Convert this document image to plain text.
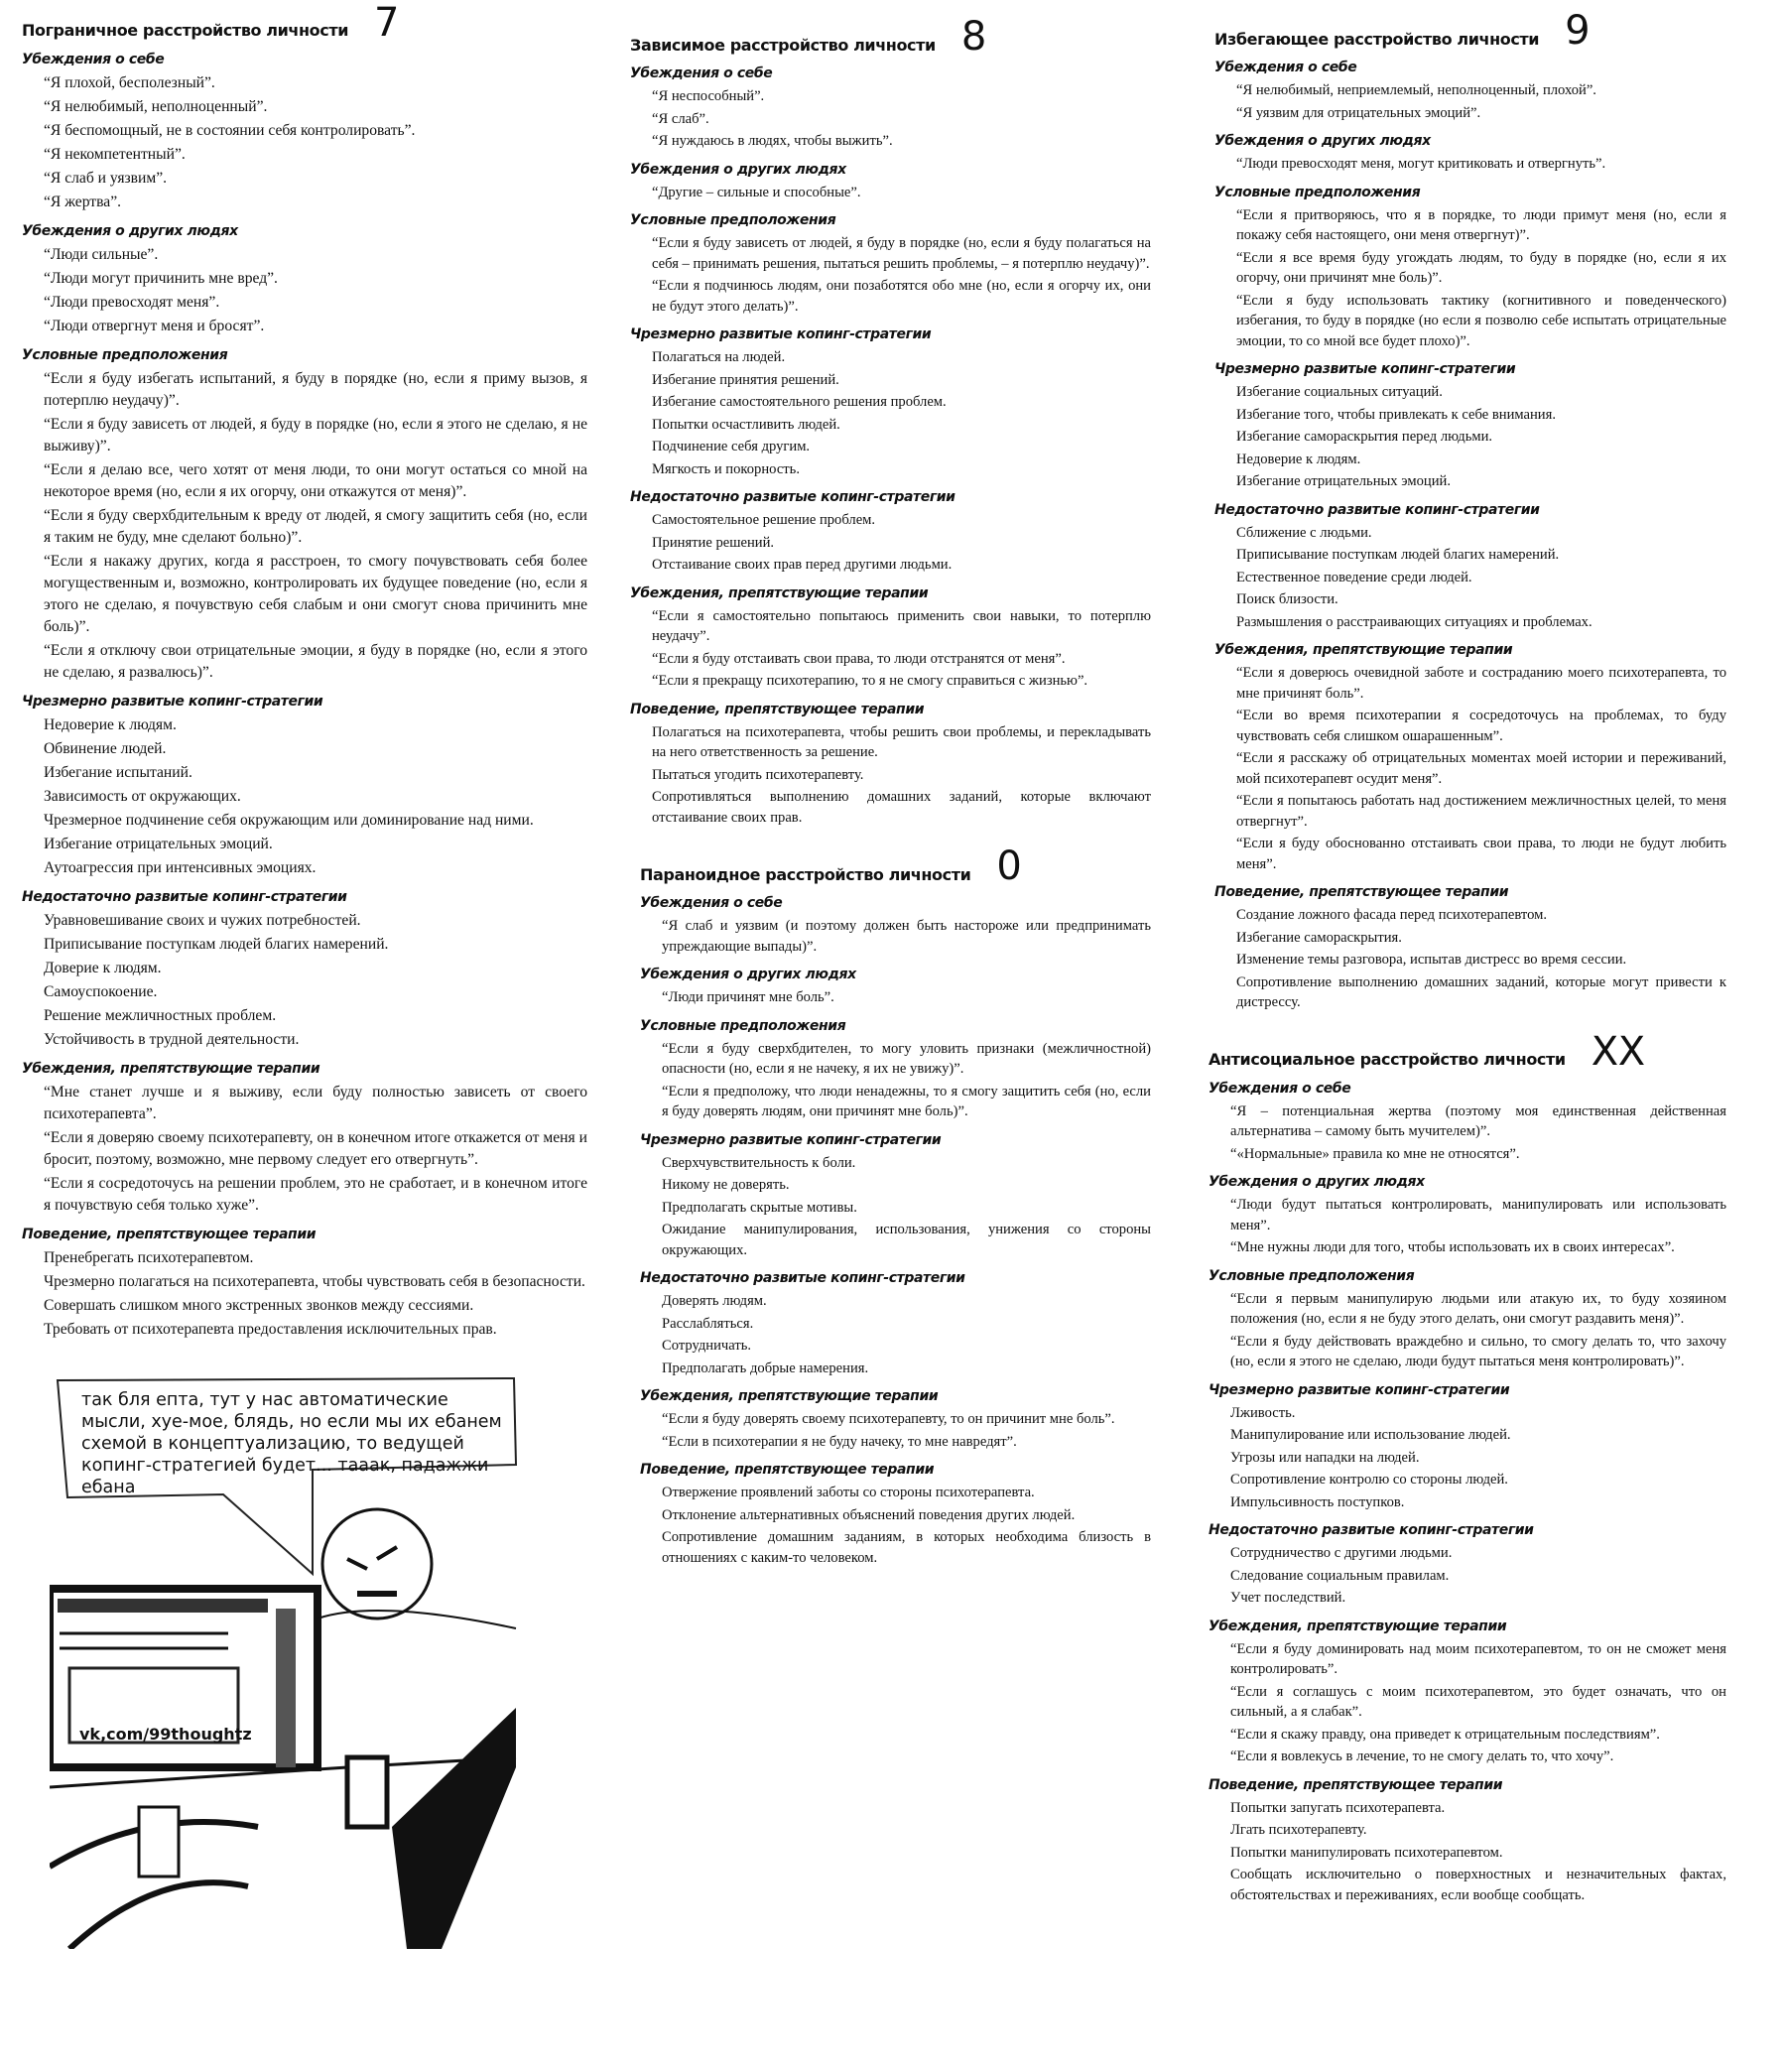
Пограничное расстройство личности 7
Убеждения о себе
“Я плохой, бесполезный”.
“Я нелюбимый, неполноценный”.
“Я беспомощный, не в состоянии себя контролировать”.
“Я некомпетентный”.
“Я слаб и уязвим”.
“Я жертва”.
Убеждения о других людях
“Люди сильные”.
“Люди могут причинить мне вред”.
“Люди превосходят меня”.
“Люди отвергнут меня и бросят”.
Условные предположения
“Если я буду избегать испытаний, я буду в порядке (но, если я приму вызов, я потерплю неудачу)”.
“Если я буду зависеть от людей, я буду в порядке (но, если я этого не сделаю, я не выживу)”.
“Если я делаю все, чего хотят от меня люди, то они могут остаться со мной на некоторое время (но, если я их огорчу, они откажутся от меня)”.
“Если я буду сверхбдительным к вреду от людей, я смогу защитить себя (но, если я таким не буду, мне сделают больно)”.
“Если я накажу других, когда я расстроен, то смогу почувствовать себя более могущественным и, возможно, контролировать их будущее поведение (но, если я этого не сделаю, я почувствую себя слабым и они смогут снова причинить мне боль)”.
“Если я отключу свои отрицательные эмоции, я буду в порядке (но, если я этого не сделаю, я развалюсь)”.
Чрезмерно развитые копинг-стратегии
Недоверие к людям.
Обвинение людей.
Избегание испытаний.
Зависимость от окружающих.
Чрезмерное подчинение себя окружающим или доминирование над ними.
Избегание отрицательных эмоций.
Аутоагрессия при интенсивных эмоциях.
Недостаточно развитые копинг-стратегии
Уравновешивание своих и чужих потребностей.
Приписывание поступкам людей благих намерений.
Доверие к людям.
Самоуспокоение.
Решение межличностных проблем.
Устойчивость в трудной деятельности.
Убеждения, препятствующие терапии
“Мне станет лучше и я выживу, если буду полностью зависеть от своего психотерапевта”.
“Если я доверяю своему психотерапевту, он в конечном итоге откажется от меня и бросит, поэтому, возможно, мне первому следует его отвергнуть”.
“Если я сосредоточусь на решении проблем, это не сработает, и в конечном итоге я почувствую себя только хуже”.
Поведение, препятствующее терапии
Пренебрегать психотерапевтом.
Чрезмерно полагаться на психотерапевта, чтобы чувствовать себя в безопасности.
Совершать слишком много экстренных звонков между сессиями.
Требовать от психотерапевта предоставления исключительных прав.
так бля епта, тут у нас автоматические мысли, хуе-мое, блядь, но если мы их ебанем схемой в концептуализацию, то ведущей копинг-стратегией будет... тааак, падажжи ебана
vk,com/99thoughtz
Зависимое расстройство личности 8
Убеждения о себе
“Я неспособный”.
“Я слаб”.
“Я нуждаюсь в людях, чтобы выжить”.
Убеждения о других людях
“Другие – сильные и способные”.
Условные предположения
“Если я буду зависеть от людей, я буду в порядке (но, если я буду полагаться на себя – принимать решения, пытаться решить проблемы, – я потерплю неудачу)”.
“Если я подчинюсь людям, они позаботятся обо мне (но, если я огорчу их, они не будут этого делать)”.
Чрезмерно развитые копинг-стратегии
Полагаться на людей.
Избегание принятия решений.
Избегание самостоятельного решения проблем.
Попытки осчастливить людей.
Подчинение себя другим.
Мягкость и покорность.
Недостаточно развитые копинг-стратегии
Самостоятельное решение проблем.
Принятие решений.
Отстаивание своих прав перед другими людьми.
Убеждения, препятствующие терапии
“Если я самостоятельно попытаюсь применить свои навыки, то потерплю неудачу”.
“Если я буду отстаивать свои права, то люди отстранятся от меня”.
“Если я прекращу психотерапию, то я не смогу справиться с жизнью”.
Поведение, препятствующее терапии
Полагаться на психотерапевта, чтобы решить свои проблемы, и перекладывать на него ответственность за решение.
Пытаться угодить психотерапевту.
Сопротивляться выполнению домашних заданий, которые включают отстаивание своих прав.
Параноидное расстройство личности 0
Убеждения о себе
“Я слаб и уязвим (и поэтому должен быть настороже или предпринимать упреждающие выпады)”.
Убеждения о других людях
“Люди причинят мне боль”.
Условные предположения
“Если я буду сверхбдителен, то могу уловить признаки (межличностной) опасности (но, если я не начеку, я их не увижу)”.
“Если я предположу, что люди ненадежны, то я смогу защитить себя (но, если я буду доверять людям, они причинят мне боль)”.
Чрезмерно развитые копинг-стратегии
Сверхчувствительность к боли.
Никому не доверять.
Предполагать скрытые мотивы.
Ожидание манипулирования, использования, унижения со стороны окружающих.
Недостаточно развитые копинг-стратегии
Доверять людям.
Расслабляться.
Сотрудничать.
Предполагать добрые намерения.
Убеждения, препятствующие терапии
“Если я буду доверять своему психотерапевту, то он причинит мне боль”.
“Если в психотерапии я не буду начеку, то мне навредят”.
Поведение, препятствующее терапии
Отвержение проявлений заботы со стороны психотерапевта.
Отклонение альтернативных объяснений поведения других людей.
Сопротивление домашним заданиям, в которых необходима близость в отношениях с каким-то человеком.
Избегающее расстройство личности 9
Убеждения о себе
“Я нелюбимый, неприемлемый, неполноценный, плохой”.
“Я уязвим для отрицательных эмоций”.
Убеждения о других людях
“Люди превосходят меня, могут критиковать и отвергнуть”.
Условные предположения
“Если я притворяюсь, что я в порядке, то люди примут меня (но, если я покажу себя настоящего, они меня отвергнут)”.
“Если я все время буду угождать людям, то буду в порядке (но, если я их огорчу, они причинят мне боль)”.
“Если я буду использовать тактику (когнитивного и поведенческого) избегания, то буду в порядке (но если я позволю себе испытать отрицательные эмоции, то со мной все будет плохо)”.
Чрезмерно развитые копинг-стратегии
Избегание социальных ситуаций.
Избегание того, чтобы привлекать к себе внимания.
Избегание самораскрытия перед людьми.
Недоверие к людям.
Избегание отрицательных эмоций.
Недостаточно развитые копинг-стратегии
Сближение с людьми.
Приписывание поступкам людей благих намерений.
Естественное поведение среди людей.
Поиск близости.
Размышления о расстраивающих ситуациях и проблемах.
Убеждения, препятствующие терапии
“Если я доверюсь очевидной заботе и состраданию моего психотерапевта, то мне причинят боль”.
“Если во время психотерапии я сосредоточусь на проблемах, то буду чувствовать себя слишком ошарашенным”.
“Если я расскажу об отрицательных моментах моей истории и переживаний, мой психотерапевт осудит меня”.
“Если я попытаюсь работать над достижением межличностных целей, то меня отвергнут”.
“Если я буду обоснованно отстаивать свои права, то люди не будут любить меня”.
Поведение, препятствующее терапии
Создание ложного фасада перед психотерапевтом.
Избегание самораскрытия.
Изменение темы разговора, испытав дистресс во время сессии.
Сопротивление выполнению домашних заданий, которые могут привести к дистрессу.
Антисоциальное расстройство личности XX
Убеждения о себе
“Я – потенциальная жертва (поэтому моя единственная действенная альтернатива – самому быть мучителем)”.
“«Нормальные» правила ко мне не относятся”.
Убеждения о других людях
“Люди будут пытаться контролировать, манипулировать или использовать меня”.
“Мне нужны люди для того, чтобы использовать их в своих интересах”.
Условные предположения
“Если я первым манипулирую людьми или атакую их, то буду хозяином положения (но, если я не буду этого делать, они смогут раздавить меня)”.
“Если я буду действовать враждебно и сильно, то смогу делать то, что захочу (но, если я этого не сделаю, люди будут пытаться меня контролировать)”.
Чрезмерно развитые копинг-стратегии
Лживость.
Манипулирование или использование людей.
Угрозы или нападки на людей.
Сопротивление контролю со стороны людей.
Импульсивность поступков.
Недостаточно развитые копинг-стратегии
Сотрудничество с другими людьми.
Следование социальным правилам.
Учет последствий.
Убеждения, препятствующие терапии
“Если я буду доминировать над моим психотерапевтом, то он не сможет меня контролировать”.
“Если я соглашусь с моим психотерапевтом, это будет означать, что он сильный, а я слабак”.
“Если я скажу правду, она приведет к отрицательным последствиям”.
“Если я вовлекусь в лечение, то не смогу делать то, что хочу”.
Поведение, препятствующее терапии
Попытки запугать психотерапевта.
Лгать психотерапевту.
Попытки манипулировать психотерапевтом.
Сообщать исключительно о поверхностных и незначительных фактах, обстоятельствах и переживаниях, если вообще сообщать.
